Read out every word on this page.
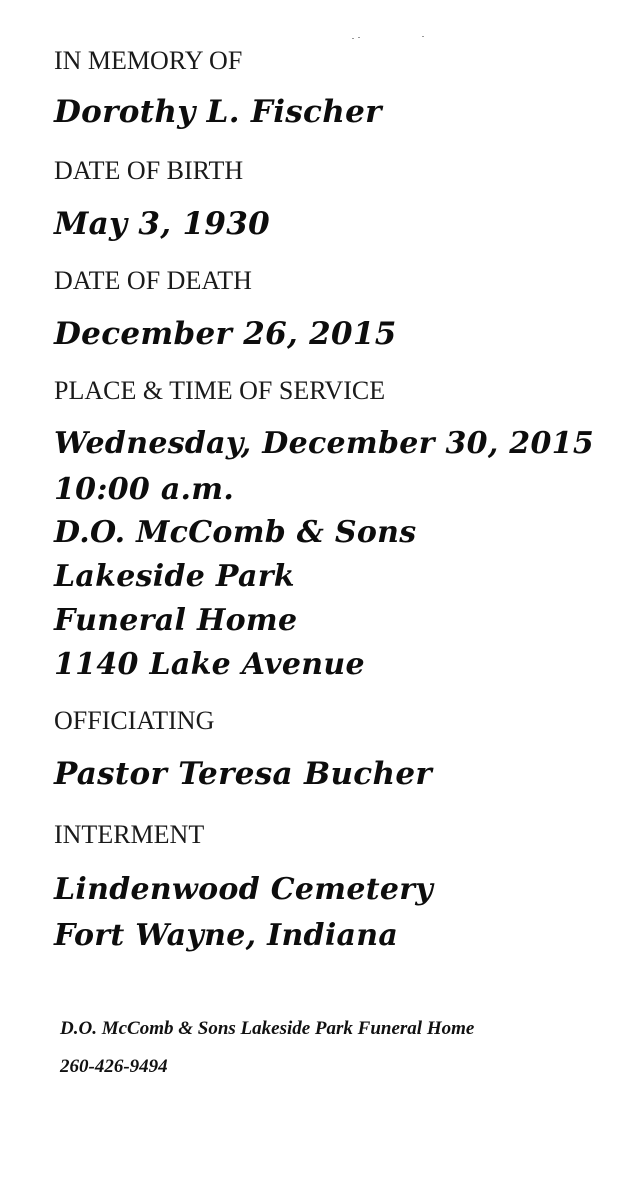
IN MEMORY OF
Dorothy L. Fischer
DATE OF BIRTH
May 3, 1930
DATE OF DEATH
December 26, 2015
PLACE & TIME OF SERVICE
Wednesday, December 30, 2015
10:00 a.m.
D.O. McComb & Sons
Lakeside Park
Funeral Home
1140 Lake Avenue
OFFICIATING
Pastor Teresa Bucher
INTERMENT
Lindenwood Cemetery
Fort Wayne, Indiana
D.O. McComb & Sons Lakeside Park Funeral Home
260-426-9494
